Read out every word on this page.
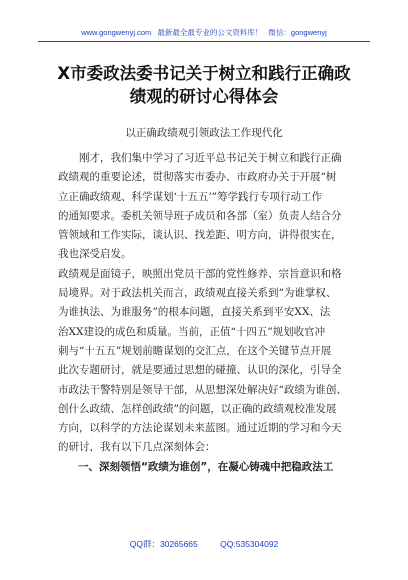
www.gongwenyj.com 最新最全最专业的公文资料库！ 微信：gongwenyj
X市委政法委书记关于树立和践行正确政
绩观的研讨心得体会
以正确政绩观引领政法工作现代化
刚才，我们集中学习了习近平总书记关于树立和践行正确
政绩观的重要论述，贯彻落实市委办、市政府办关于开展“树
立正确政绩观、科学谋划‘十五五’”筹学践行专项行动工作
的通知要求。委机关领导班子成员和各部（室）负责人结合分
管领域和工作实际，谈认识、找差距、明方向，讲得很实在，
我也深受启发。
政绩观是面镜子，映照出党员干部的党性修养、宗旨意识和格
局境界。对于政法机关而言，政绩观直接关系到“为谁掌权、
为谁执法、为谁服务”的根本问题，直接关系到平安XX、法
治XX建设的成色和质量。当前，正值“十四五”规划收官冲
刺与“十五五”规划前瞻谋划的交汇点，在这个关键节点开展
此次专题研讨，就是要通过思想的碰撞、认识的深化，引导全
市政法干警特别是领导干部，从思想深处解决好“政绩为谁创、
创什么政绩、怎样创政绩”的问题，以正确的政绩观校准发展
方向，以科学的方法论谋划未来蓝图。通过近期的学习和今天
的研讨，我有以下几点深刻体会：
一、深刻领悟“政绩为谁创”，在凝心铸魂中把稳政法工
QQ群：30265665	QQ:535304092
